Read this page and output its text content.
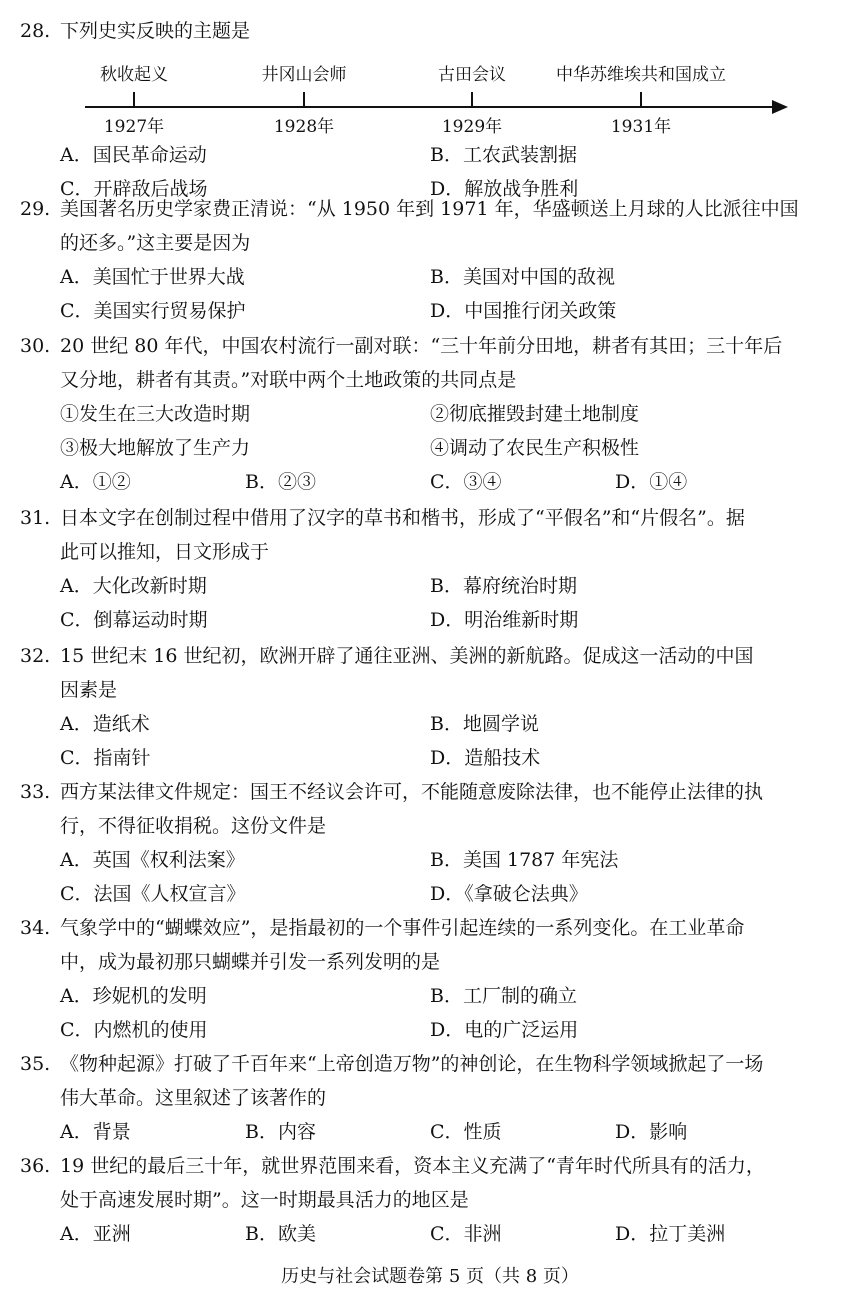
28. 下列史实反映的主题是
秋收起义	井冈山会师	古田会议	中华苏维埃共和国成立
1927年	1928年	1929年	1931年
A．国民革命运动	B．工农武装割据
C．开辟敌后战场	D．解放战争胜利
29. 美国著名历史学家费正清说：“从 1950 年到 1971 年，华盛顿送上月球的人比派往中国
的还多。”这主要是因为
A．美国忙于世界大战	B．美国对中国的敌视
C．美国实行贸易保护	D．中国推行闭关政策
30. 20 世纪 80 年代，中国农村流行一副对联：“三十年前分田地，耕者有其田；三十年后
又分地，耕者有其责。”对联中两个土地政策的共同点是
①发生在三大改造时期	②彻底摧毁封建土地制度
③极大地解放了生产力	④调动了农民生产积极性
A．①②	B．②③	C．③④	D．①④
31. 日本文字在创制过程中借用了汉字的草书和楷书，形成了“平假名”和“片假名”。据
此可以推知，日文形成于
A．大化改新时期	B．幕府统治时期
C．倒幕运动时期	D．明治维新时期
32. 15 世纪末 16 世纪初，欧洲开辟了通往亚洲、美洲的新航路。促成这一活动的中国
因素是
A．造纸术	B．地圆学说
C．指南针	D．造船技术
33. 西方某法律文件规定：国王不经议会许可，不能随意废除法律，也不能停止法律的执
行，不得征收捐税。这份文件是
A．英国《权利法案》	B．美国 1787 年宪法
C．法国《人权宣言》	D．《拿破仑法典》
34. 气象学中的“蝴蝶效应”，是指最初的一个事件引起连续的一系列变化。在工业革命
中，成为最初那只蝴蝶并引发一系列发明的是
A．珍妮机的发明	B．工厂制的确立
C．内燃机的使用	D．电的广泛运用
35. 《物种起源》打破了千百年来“上帝创造万物”的神创论，在生物科学领域掀起了一场
伟大革命。这里叙述了该著作的
A．背景	B．内容	C．性质	D．影响
36. 19 世纪的最后三十年，就世界范围来看，资本主义充满了“青年时代所具有的活力，
处于高速发展时期”。这一时期最具活力的地区是
A．亚洲	B．欧美	C．非洲	D．拉丁美洲
历史与社会试题卷第 5 页（共 8 页）
